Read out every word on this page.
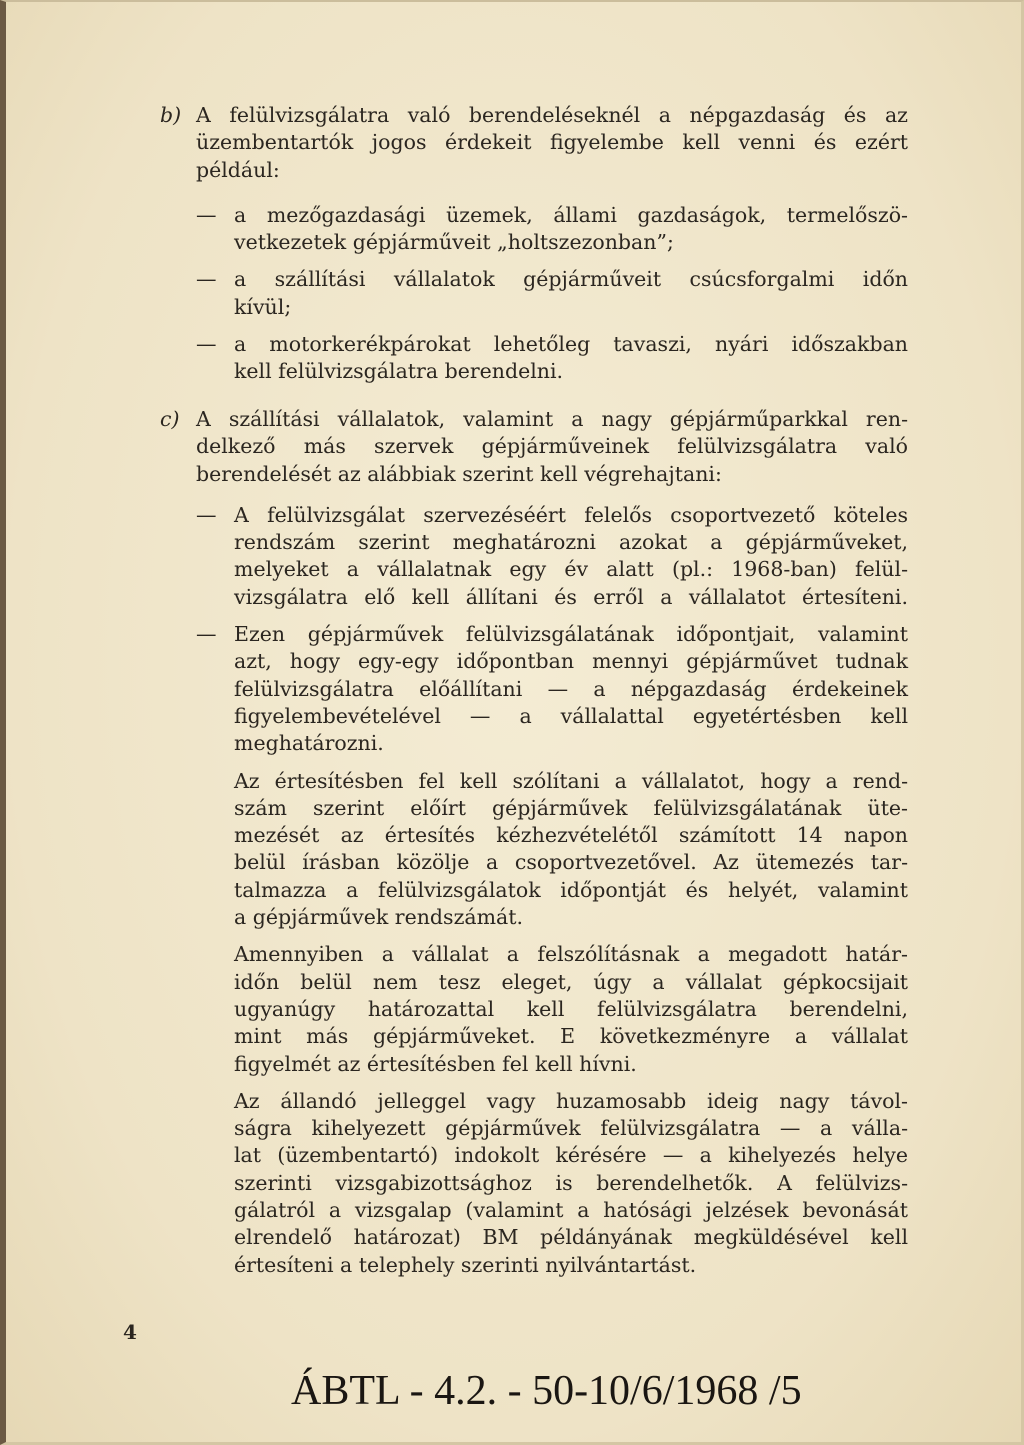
b) A felülvizsgálatra való berendeléseknél a népgazdaság és az
üzembentartók jogos érdekeit figyelembe kell venni és ezért
például:
— a mezőgazdasági üzemek, állami gazdaságok, termelőszö-
vetkezetek gépjárműveit „holtszezonban”;
— a szállítási vállalatok gépjárműveit csúcsforgalmi időn
kívül;
— a motorkerékpárokat lehetőleg tavaszi, nyári időszakban
kell felülvizsgálatra berendelni.
c) A szállítási vállalatok, valamint a nagy gépjárműparkkal ren-
delkező más szervek gépjárműveinek felülvizsgálatra való
berendelését az alábbiak szerint kell végrehajtani:
— A felülvizsgálat szervezéséért felelős csoportvezető köteles
rendszám szerint meghatározni azokat a gépjárműveket,
melyeket a vállalatnak egy év alatt (pl.: 1968-ban) felül-
vizsgálatra elő kell állítani és erről a vállalatot értesíteni.
— Ezen gépjárművek felülvizsgálatának időpontjait, valamint
azt, hogy egy-egy időpontban mennyi gépjárművet tudnak
felülvizsgálatra előállítani — a népgazdaság érdekeinek
figyelembevételével — a vállalattal egyetértésben kell
meghatározni.
Az értesítésben fel kell szólítani a vállalatot, hogy a rend-
szám szerint előírt gépjárművek felülvizsgálatának üte-
mezését az értesítés kézhezvételétől számított 14 napon
belül írásban közölje a csoportvezetővel. Az ütemezés tar-
talmazza a felülvizsgálatok időpontját és helyét, valamint
a gépjárművek rendszámát.
Amennyiben a vállalat a felszólításnak a megadott határ-
időn belül nem tesz eleget, úgy a vállalat gépkocsijait
ugyanúgy határozattal kell felülvizsgálatra berendelni,
mint más gépjárműveket. E következményre a vállalat
figyelmét az értesítésben fel kell hívni.
Az állandó jelleggel vagy huzamosabb ideig nagy távol-
ságra kihelyezett gépjárművek felülvizsgálatra — a válla-
lat (üzembentartó) indokolt kérésére — a kihelyezés helye
szerinti vizsgabizottsághoz is berendelhetők. A felülvizs-
gálatról a vizsgalap (valamint a hatósági jelzések bevonását
elrendelő határozat) BM példányának megküldésével kell
értesíteni a telephely szerinti nyilvántartást.
4
ÁBTL - 4.2. - 50-10/6/1968 /5
